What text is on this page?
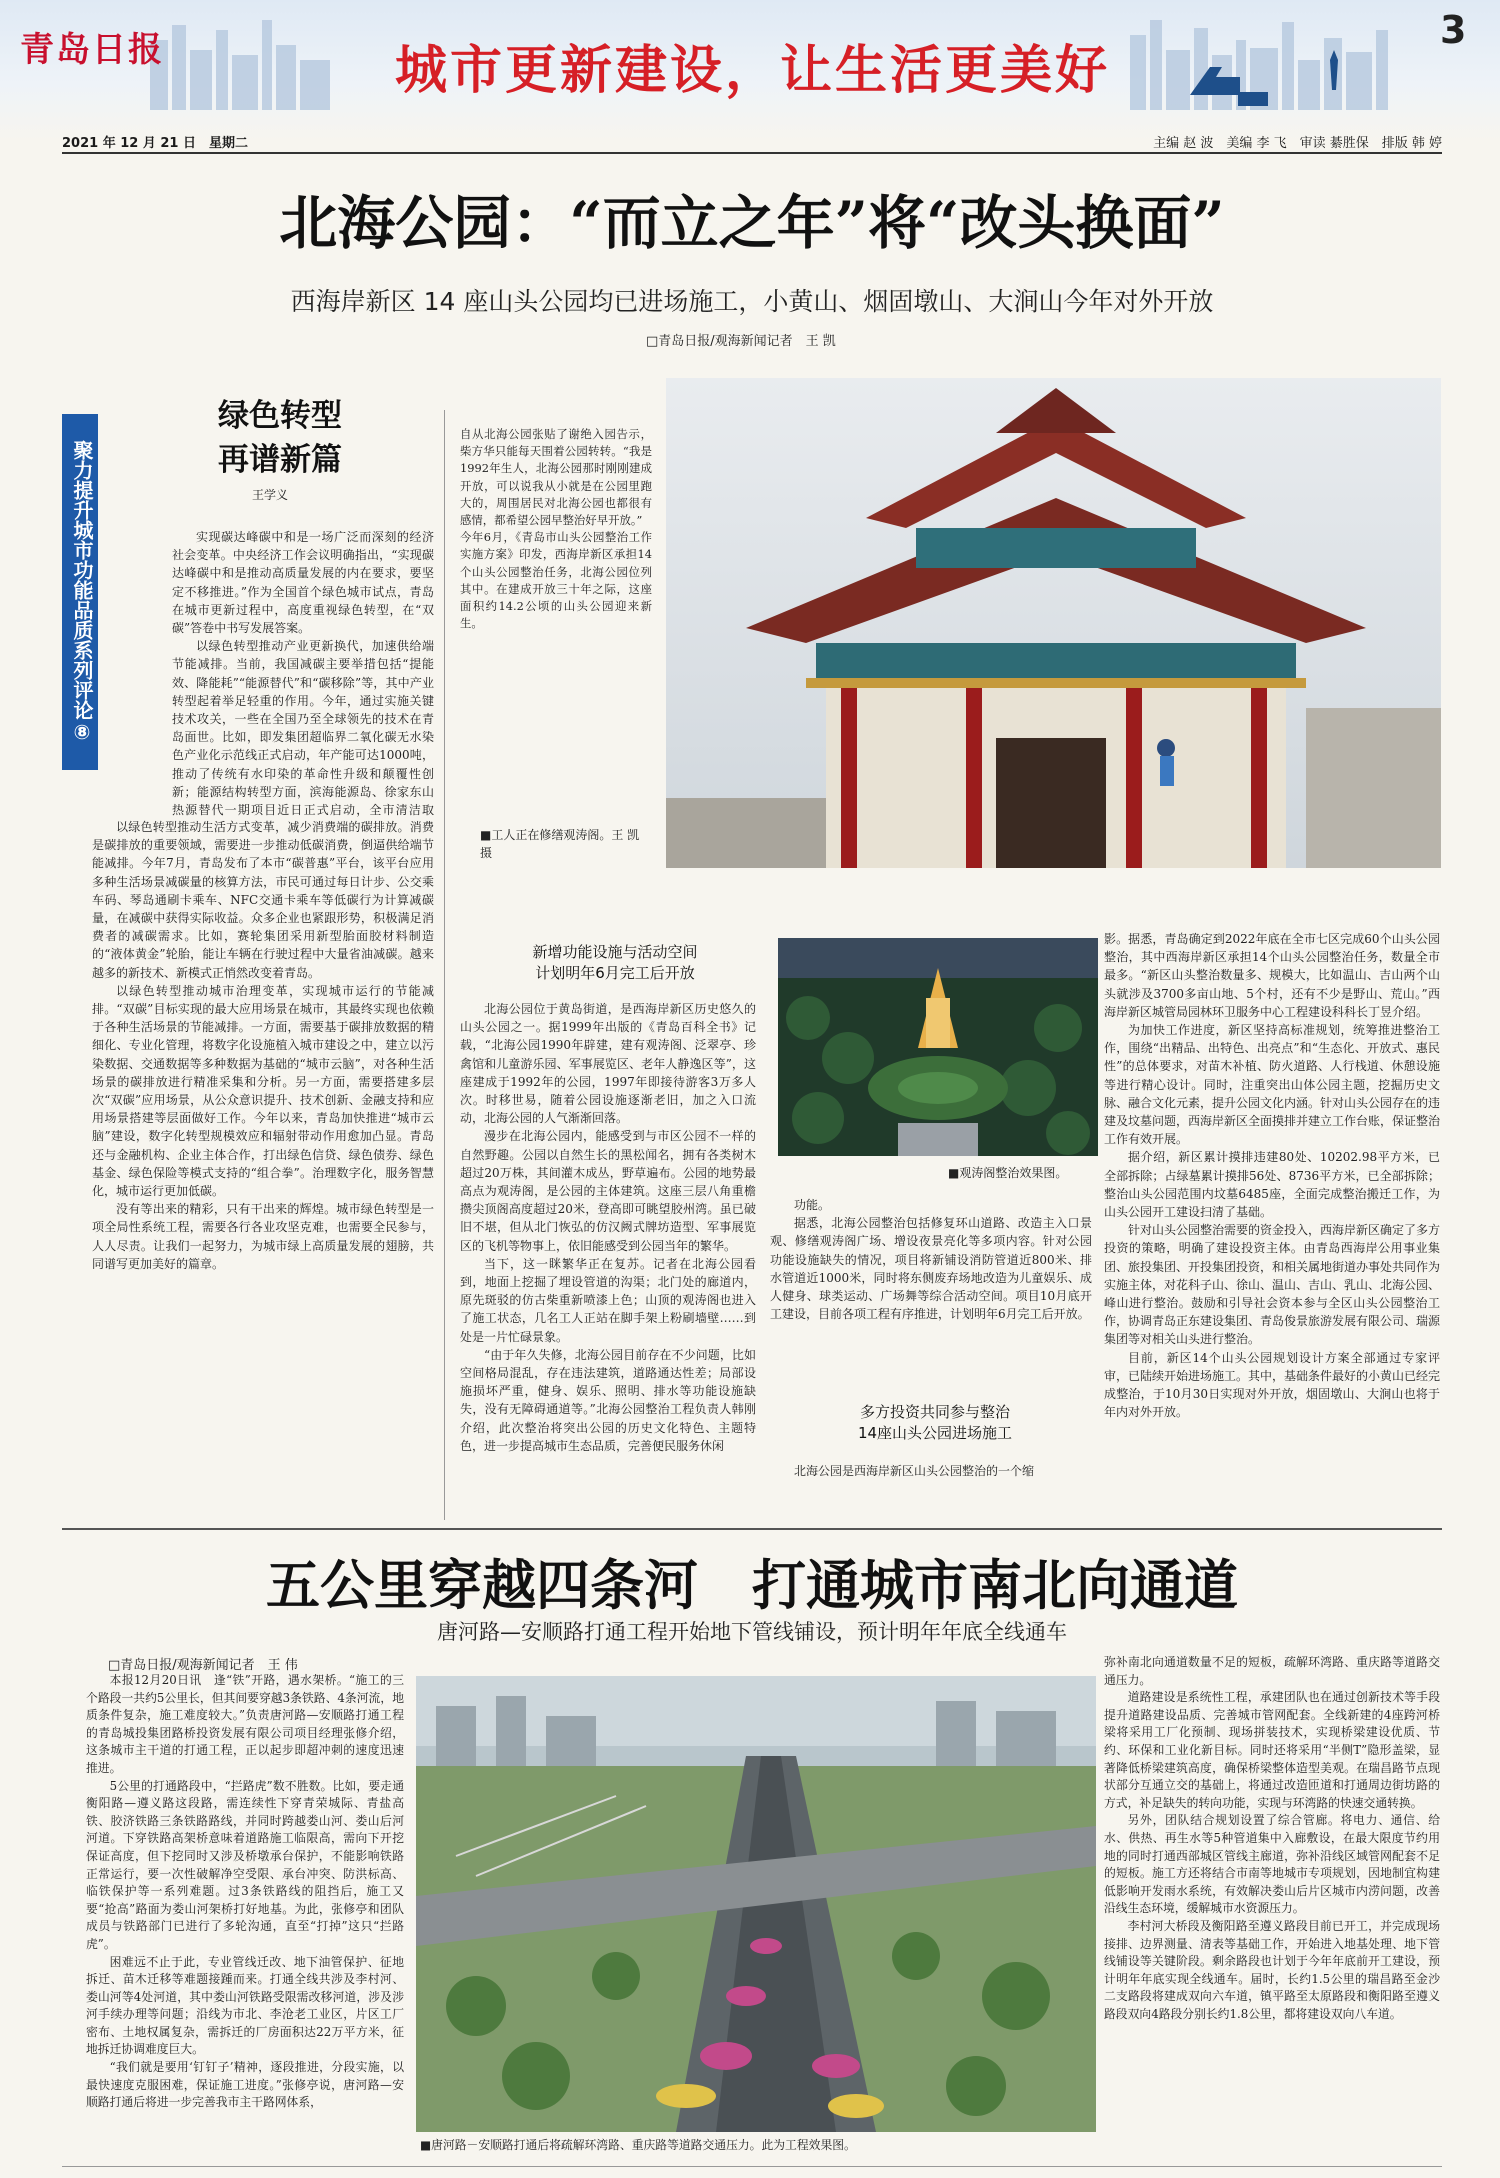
青岛日报	城市更新建设，让生活更美好
3
2021 年 12 月 21 日　星期二	主编 赵 波　美编 李 飞　审读 綦胜保　排版 韩 婷
北海公园：“而立之年”将“改头换面”
西海岸新区 14 座山头公园均已进场施工，小黄山、烟固墩山、大涧山今年对外开放
□青岛日报/观海新闻记者　王 凯
聚力提升城市功能品质系列评论⑧
绿色转型
再谱新篇
王学义

实现碳达峰碳中和是一场广泛而深刻的经济社会变革。中央经济工作会议明确指出，“实现碳达峰碳中和是推动高质量发展的内在要求，要坚定不移推进。”作为全国首个绿色城市试点，青岛在城市更新过程中，高度重视绿色转型，在“双碳”答卷中书写发展答案。

以绿色转型推动产业更新换代，加速供给端节能减排。当前，我国减碳主要举措包括“提能效、降能耗”“能源替代”和“碳移除”等，其中产业转型起着举足轻重的作用。今年，通过实施关键技术攻关，一些在全国乃至全球领先的技术在青岛面世。比如，即发集团超临界二氧化碳无水染色产业化示范线正式启动，年产能可达1000吨，推动了传统有水印染的革命性升级和颠覆性创新；能源结构转型方面，滨海能源岛、徐家东山热源替代一期项目近日正式启动，全市清洁取

以绿色转型推动生活方式变革，减少消费端的碳排放。消费是碳排放的重要领域，需要进一步推动低碳消费，倒逼供给端节能减排。今年7月，青岛发布了本市“碳普惠”平台，该平台应用多种生活场景减碳量的核算方法，市民可通过每日计步、公交乘车码、琴岛通刷卡乘车、NFC交通卡乘车等低碳行为计算减碳量，在减碳中获得实际收益。众多企业也紧跟形势，积极满足消费者的减碳需求。比如，赛轮集团采用新型胎面胶材料制造的“液体黄金”轮胎，能让车辆在行驶过程中大量省油减碳。越来越多的新技术、新模式正悄然改变着青岛。

以绿色转型推动城市治理变革，实现城市运行的节能减排。“双碳”目标实现的最大应用场景在城市，其最终实现也依赖于各种生活场景的节能减排。一方面，需要基于碳排放数据的精细化、专业化管理，将数字化设施植入城市建设之中，建立以污染数据、交通数据等多种数据为基础的“城市云脑”，对各种生活场景的碳排放进行精准采集和分析。另一方面，需要搭建多层次“双碳”应用场景，从公众意识提升、技术创新、金融支持和应用场景搭建等层面做好工作。今年以来，青岛加快推进“城市云脑”建设，数字化转型规模效应和辐射带动作用愈加凸显。青岛还与金融机构、企业主体合作，打出绿色信贷、绿色债券、绿色基金、绿色保险等模式支持的“组合拳”。治理数字化，服务智慧化，城市运行更加低碳。

没有等出来的精彩，只有干出来的辉煌。城市绿色转型是一项全局性系统工程，需要各行各业攻坚克难，也需要全民参与，人人尽责。让我们一起努力，为城市绿上高质量发展的翅膀，共同谱写更加美好的篇章。

自从北海公园张贴了谢绝入园告示，柴方华只能每天围着公园转转。“我是1992年生人，北海公园那时刚刚建成开放，可以说我从小就是在公园里跑大的，周围居民对北海公园也都很有感情，都希望公园早整治好早开放。”
今年6月，《青岛市山头公园整治工作实施方案》印发，西海岸新区承担14个山头公园整治任务，北海公园位列其中。在建成开放三十年之际，这座面积约14.2公顷的山头公园迎来新生。
■工人正在修缮观涛阁。王 凯　摄
新增功能设施与活动空间
计划明年6月完工后开放

北海公园位于黄岛街道，是西海岸新区历史悠久的山头公园之一。据1999年出版的《青岛百科全书》记载，“北海公园1990年辟建，建有观涛阁、泛翠亭、珍禽馆和儿童游乐园、军事展览区、老年人静逸区等”，这座建成于1992年的公园，1997年即接待游客3万多人次。时移世易，随着公园设施逐渐老旧，加之入口流动，北海公园的人气渐渐回落。

漫步在北海公园内，能感受到与市区公园不一样的自然野趣。公园以自然生长的黑松闻名，拥有各类树木超过20万株，其间灌木成丛，野草遍布。公园的地势最高点为观涛阁，是公园的主体建筑。这座三层八角重檐攒尖顶阁高度超过20米，登高即可眺望胶州湾。虽已破旧不堪，但从北门恢弘的仿汉阙式牌坊造型、军事展览区的飞机等物事上，依旧能感受到公园当年的繁华。

当下，这一眯繁华正在复苏。记者在北海公园看到，地面上挖掘了埋设管道的沟渠；北门处的廊道内，原先斑驳的仿古柴重新喷漆上色；山顶的观涛阁也进入了施工状态，几名工人正站在脚手架上粉刷墙壁……到处是一片忙碌景象。

“由于年久失修，北海公园目前存在不少问题，比如空间格局混乱，存在违法建筑，道路通达性差；局部设施损坏严重，健身、娱乐、照明、排水等功能设施缺失，没有无障碍通道等。”北海公园整治工程负责人韩刚介绍，此次整治将突出公园的历史文化特色、主题特色，进一步提高城市生态品质，完善便民服务休闲

■观涛阁整治效果图。

功能。

据悉，北海公园整治包括修复环山道路、改造主入口景观、修缮观涛阁广场、增设夜景亮化等多项内容。针对公园功能设施缺失的情况，项目将新铺设消防管道近800米、排水管道近1000米，同时将东侧废弃场地改造为儿童娱乐、成人健身、球类运动、广场舞等综合活动空间。项目10月底开工建设，目前各项工程有序推进，计划明年6月完工后开放。

多方投资共同参与整治
14座山头公园进场施工

北海公园是西海岸新区山头公园整治的一个缩

影。据悉，青岛确定到2022年底在全市七区完成60个山头公园整治，其中西海岸新区承担14个山头公园整治任务，数量全市最多。“新区山头整治数量多、规模大，比如温山、吉山两个山头就涉及3700多亩山地、5个村，还有不少是野山、荒山。”西海岸新区城管局园林环卫服务中心工程建设科科长丁昱介绍。

为加快工作进度，新区坚持高标准规划，统筹推进整治工作，围绕“出精品、出特色、出亮点”和“生态化、开放式、惠民性”的总体要求，对苗木补植、防火道路、人行栈道、休憩设施等进行精心设计。同时，注重突出山体公园主题，挖掘历史文脉、融合文化元素，提升公园文化内涵。针对山头公园存在的违建及坟墓问题，西海岸新区全面摸排并建立工作台账，保证整治工作有效开展。

据介绍，新区累计摸排违建80处、10202.98平方米，已全部拆除；占绿墓累计摸排56处、8736平方米，已全部拆除；整治山头公园范围内坟墓6485座，全面完成整治搬迁工作，为山头公园开工建设扫清了基础。

针对山头公园整治需要的资金投入，西海岸新区确定了多方投资的策略，明确了建设投资主体。由青岛西海岸公用事业集团、旅投集团、开投集团投资，和相关属地街道办事处共同作为实施主体，对花科子山、徐山、温山、吉山、乳山、北海公园、峰山进行整治。鼓励和引导社会资本参与全区山头公园整治工作，协调青岛正东建设集团、青岛俊景旅游发展有限公司、瑞源集团等对相关山头进行整治。

目前，新区14个山头公园规划设计方案全部通过专家评审，已陆续开始进场施工。其中，基础条件最好的小黄山已经完成整治，于10月30日实现对外开放，烟固墩山、大涧山也将于年内对外开放。

五公里穿越四条河　打通城市南北向通道
唐河路—安顺路打通工程开始地下管线铺设，预计明年年底全线通车
□青岛日报/观海新闻记者　王 伟

本报12月20日讯　逢“铁”开路，遇水架桥。“施工的三个路段一共约5公里长，但其间要穿越3条铁路、4条河流，地质条件复杂，施工难度较大。”负责唐河路—安顺路打通工程的青岛城投集团路桥投资发展有限公司项目经理张修介绍，这条城市主干道的打通工程，正以起步即超冲刺的速度迅速推进。

5公里的打通路段中，“拦路虎”数不胜数。比如，要走通衡阳路—遵义路这段路，需连续性下穿青荣城际、青盐高铁、胶济铁路三条铁路路线，并同时跨越娄山河、娄山后河河道。下穿铁路高架桥意味着道路施工临限高，需向下开挖保证高度，但下挖同时又涉及桥墩承台保护，不能影响铁路正常运行，要一次性破解净空受限、承台冲突、防洪标高、临铁保护等一系列难题。过3条铁路线的阻挡后，施工又要“抢高”路面为娄山河架桥打好地基。为此，张修亭和团队成员与铁路部门已进行了多轮沟通，直至“打掉”这只“拦路虎”。

困难远不止于此，专业管线迁改、地下油管保护、征地拆迁、苗木迁移等难题接踵而来。打通全线共涉及李村河、娄山河等4处河道，其中娄山河铁路受限需改移河道，涉及涉河手续办理等问题；沿线为市北、李沧老工业区，片区工厂密布、土地权属复杂，需拆迁的厂房面积达22万平方米，征地拆迁协调难度巨大。

“我们就是要用‘钉钉子’精神，逐段推进，分段实施，以最快速度克服困难，保证施工进度。”张修亭说，唐河路—安顺路打通后将进一步完善我市主干路网体系，

■唐河路－安顺路打通后将疏解环湾路、重庆路等道路交通压力。此为工程效果图。

弥补南北向通道数量不足的短板，疏解环湾路、重庆路等道路交通压力。

道路建设是系统性工程，承建团队也在通过创新技术等手段提升道路建设品质、完善城市管网配套。全线新建的4座跨河桥梁将采用工厂化预制、现场拼装技术，实现桥梁建设优质、节约、环保和工业化新目标。同时还将采用“半侧T”隐形盖梁，显著降低桥梁建筑高度，确保桥梁整体造型美观。在瑞昌路节点现状部分互通立交的基础上，将通过改造匝道和打通周边街坊路的方式，补足缺失的转向功能，实现与环湾路的快速交通转换。

另外，团队结合规划设置了综合管廊。将电力、通信、给水、供热、再生水等5种管道集中入廊敷设，在最大限度节约用地的同时打通西部城区管线主廊道，弥补沿线区域管网配套不足的短板。施工方还将结合市南等地城市专项规划，因地制宜构建低影响开发雨水系统，有效解决娄山后片区城市内涝问题，改善沿线生态环境，缓解城市水资源压力。

李村河大桥段及衡阳路至遵义路段目前已开工，并完成现场接排、边界测量、清表等基础工作，开始进入地基处理、地下管线铺设等关键阶段。剩余路段也计划于今年年底前开工建设，预计明年年底实现全线通车。届时，长约1.5公里的瑞昌路至金沙二支路段将建成双向六车道，镇平路至太原路段和衡阳路至遵义路段双向4路段分别长约1.8公里，都将建设双向八车道。
